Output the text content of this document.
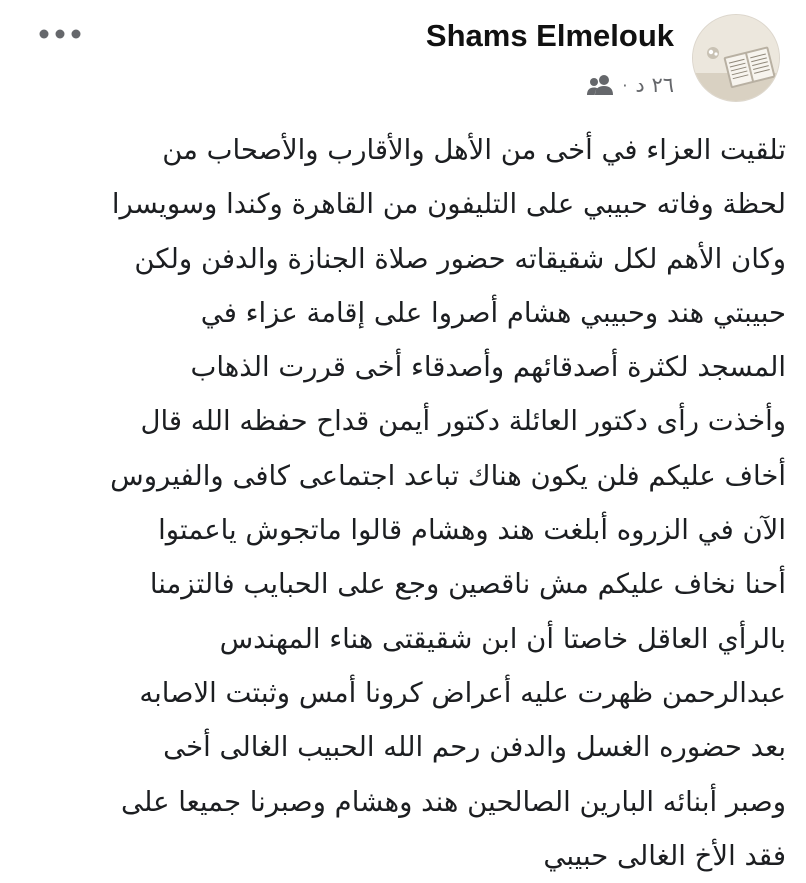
Shams Elmelouk
· ٢٦ د
تلقيت العزاء في أخى من الأهل والأقارب والأصحاب من
لحظة وفاته حبيبي على التليفون من القاهرة وكندا وسويسرا
وكان الأهم لكل شقيقاته حضور صلاة الجنازة والدفن ولكن
حبيبتي هند وحبيبي هشام أصروا على إقامة عزاء في
المسجد لكثرة أصدقائهم وأصدقاء أخى قررت الذهاب
وأخذت رأى دكتور العائلة دكتور أيمن قداح حفظه الله قال
أخاف عليكم فلن يكون هناك تباعد اجتماعى كافى والفيروس
الآن في الزروه أبلغت هند وهشام قالوا ماتجوش ياعمتوا
أحنا نخاف عليكم مش ناقصين وجع على الحبايب فالتزمنا
بالرأي العاقل خاصتا أن ابن شقيقتى هناء المهندس
عبدالرحمن ظهرت عليه أعراض كرونا أمس وثبتت الاصابه
بعد حضوره الغسل والدفن رحم الله الحبيب الغالى أخى
وصبر أبنائه البارين الصالحين هند وهشام وصبرنا جميعا على
فقد الأخ الغالى حبيبي
